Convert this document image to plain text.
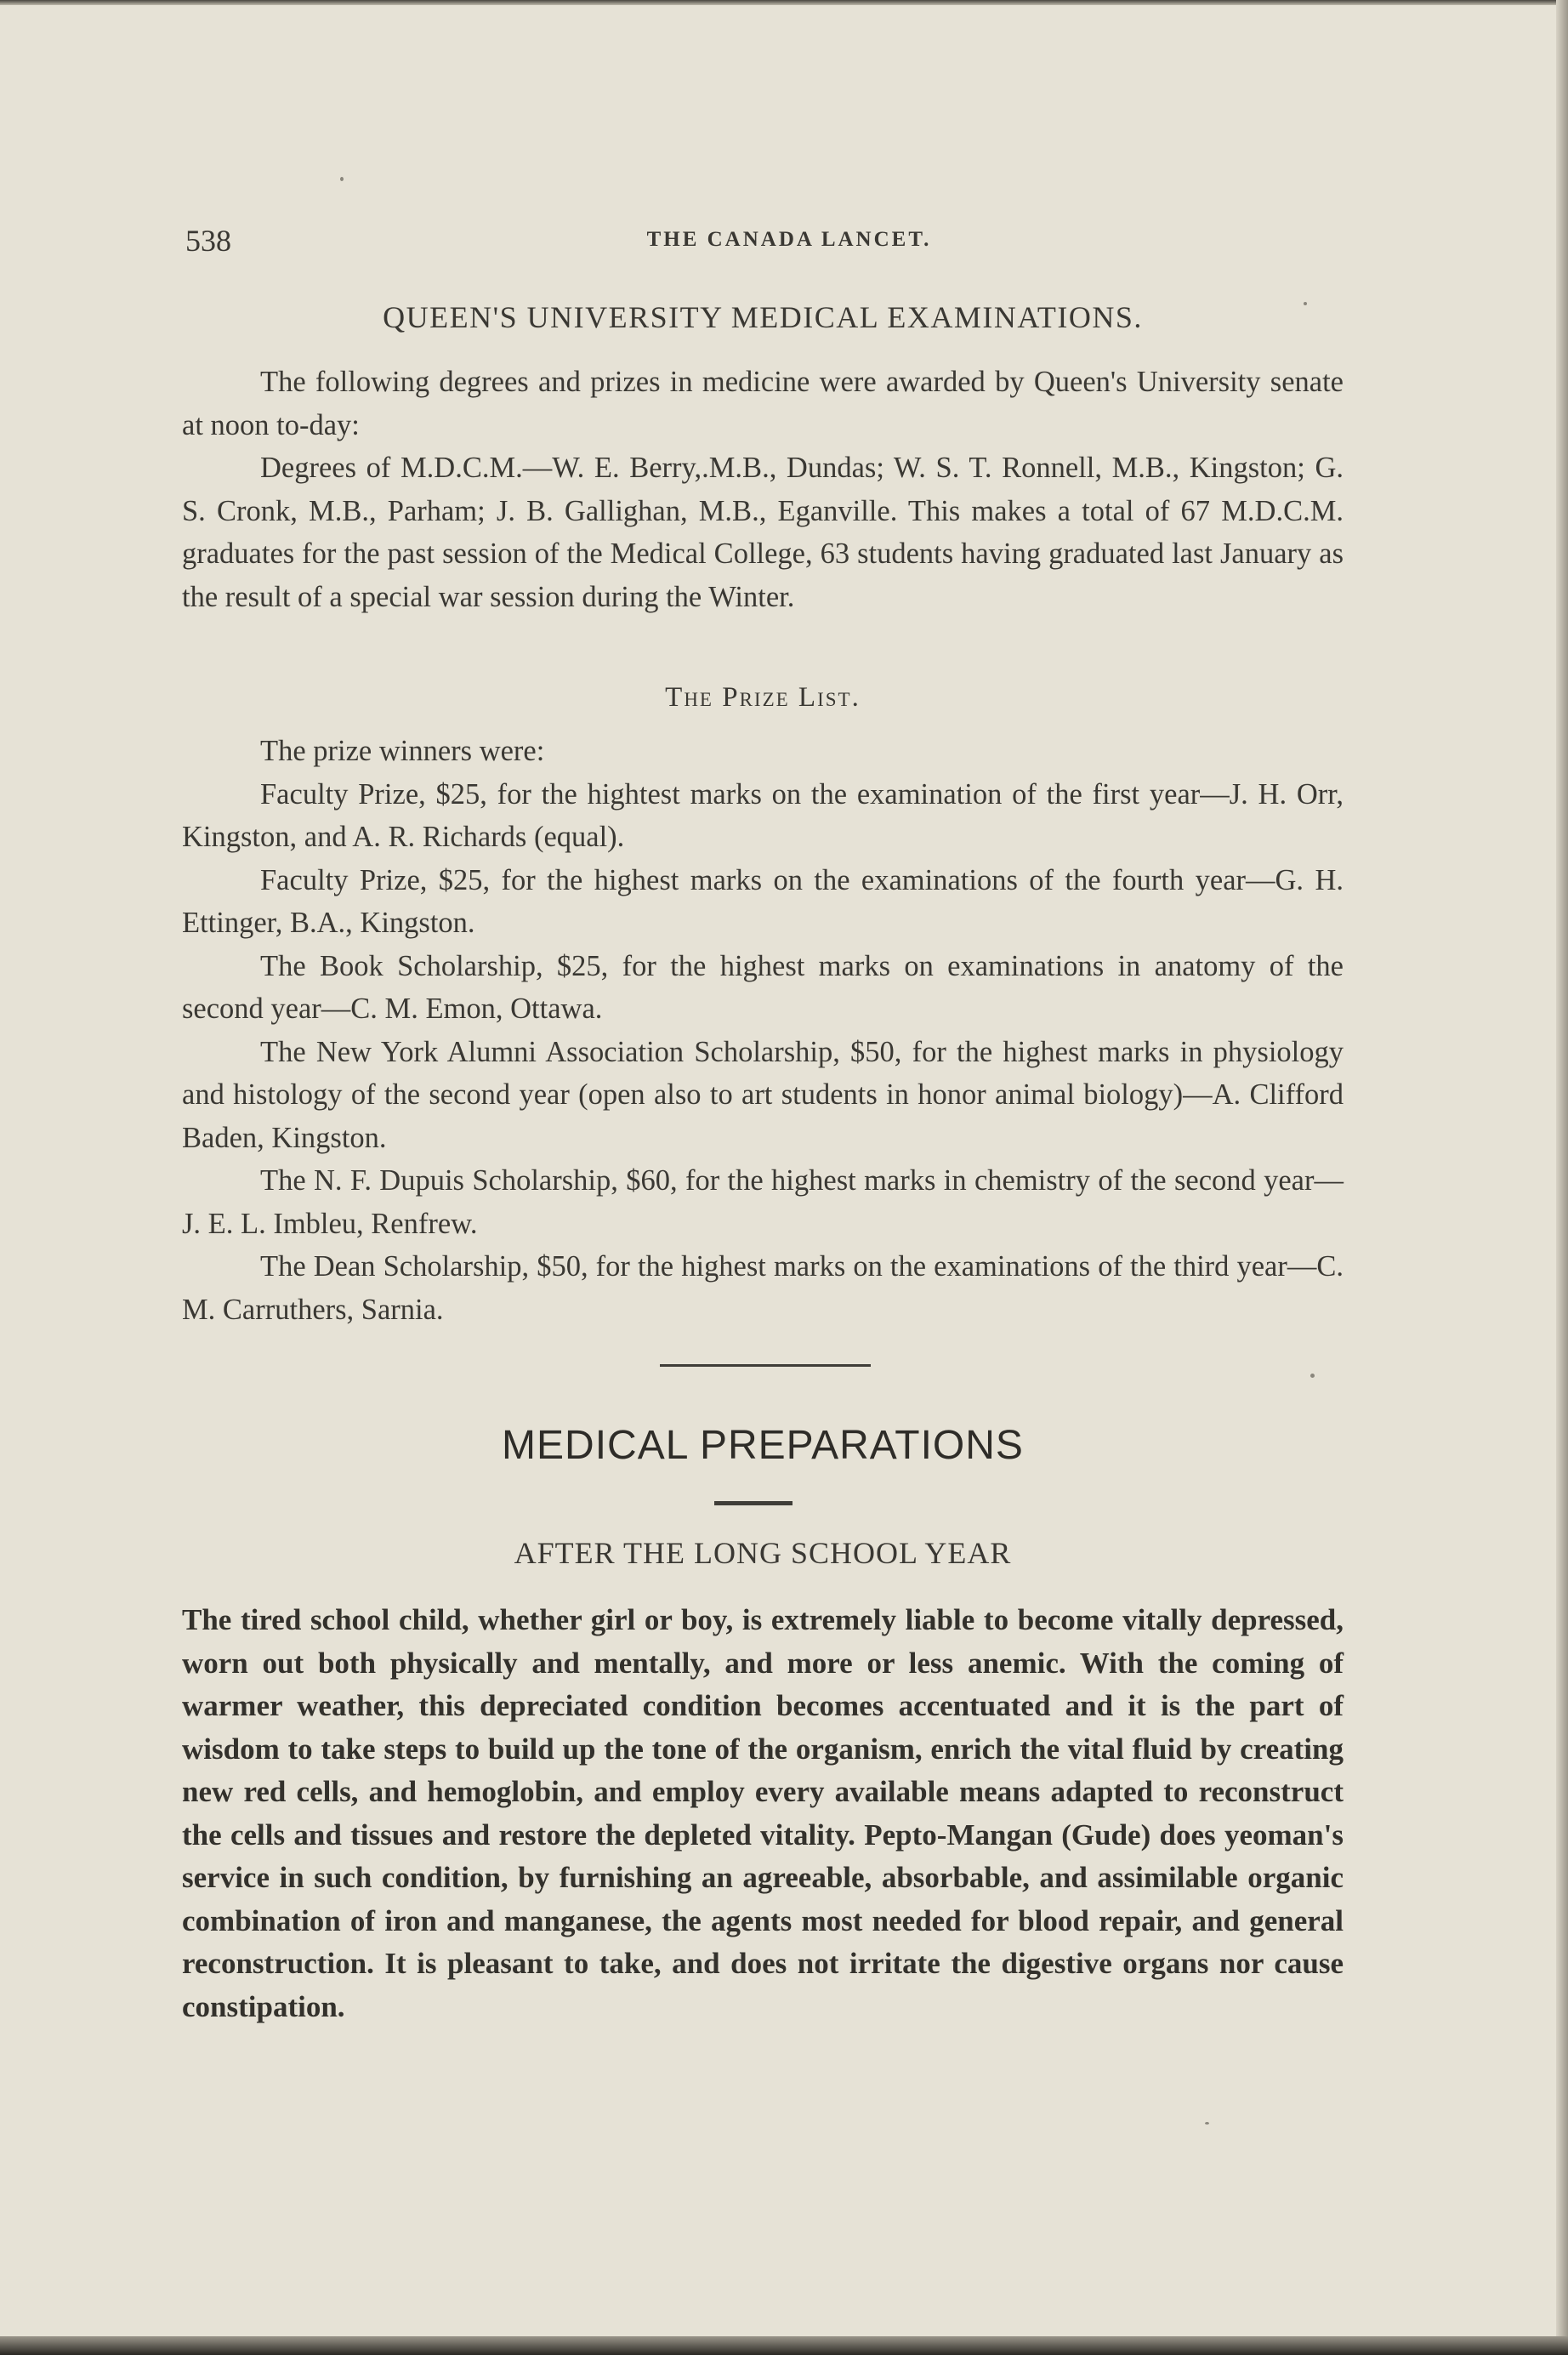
538	THE CANADA LANCET.
QUEEN'S UNIVERSITY MEDICAL EXAMINATIONS.

The following degrees and prizes in medicine were awarded by Queen's University senate at noon to-day:

Degrees of M.D.C.M.—W. E. Berry,.M.B., Dundas; W. S. T. Ronnell, M.B., Kingston; G. S. Cronk, M.B., Parham; J. B. Gallighan, M.B., Eganville. This makes a total of 67 M.D.C.M. graduates for the past session of the Medical College, 63 students having graduated last January as the result of a special war session during the Winter.

The Prize List.

The prize winners were:

Faculty Prize, $25, for the hightest marks on the examination of the first year—J. H. Orr, Kingston, and A. R. Richards (equal).

Faculty Prize, $25, for the highest marks on the examinations of the fourth year—G. H. Ettinger, B.A., Kingston.

The Book Scholarship, $25, for the highest marks on examinations in anatomy of the second year—C. M. Emon, Ottawa.

The New York Alumni Association Scholarship, $50, for the highest marks in physiology and histology of the second year (open also to art students in honor animal biology)—A. Clifford Baden, Kingston.

The N. F. Dupuis Scholarship, $60, for the highest marks in chemistry of the second year—J. E. L. Imbleu, Renfrew.

The Dean Scholarship, $50, for the highest marks on the examinations of the third year—C. M. Carruthers, Sarnia.

MEDICAL PREPARATIONS
AFTER THE LONG SCHOOL YEAR

The tired school child, whether girl or boy, is extremely liable to become vitally depressed, worn out both physically and mentally, and more or less anemic. With the coming of warmer weather, this depreciated condition becomes accentuated and it is the part of wisdom to take steps to build up the tone of the organism, enrich the vital fluid by creating new red cells, and hemoglobin, and employ every available means adapted to reconstruct the cells and tissues and restore the depleted vitality. Pepto-Mangan (Gude) does yeoman's service in such condition, by furnishing an agreeable, absorbable, and assimilable organic combination of iron and manganese, the agents most needed for blood repair, and general reconstruction. It is pleasant to take, and does not irritate the digestive organs nor cause constipation.
